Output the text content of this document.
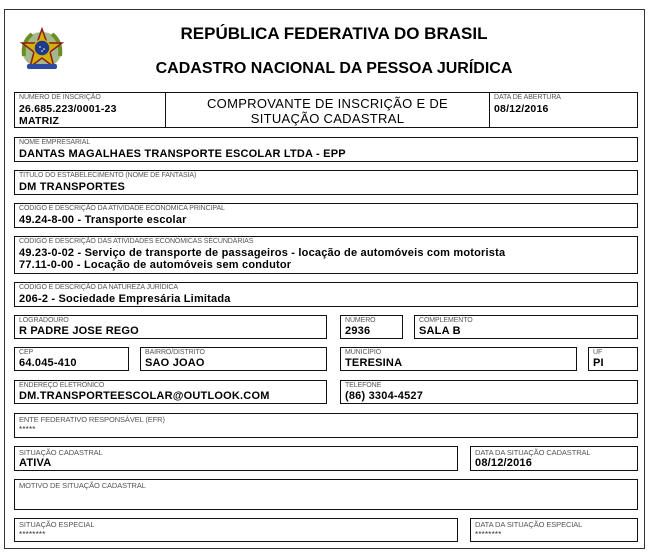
REPÚBLICA FEDERATIVA DO BRASIL
CADASTRO NACIONAL DA PESSOA JURÍDICA
NÚMERO DE INSCRIÇÃO
26.685.223/0001-23
MATRIZ
COMPROVANTE DE INSCRIÇÃO E DE
SITUAÇÃO CADASTRAL
DATA DE ABERTURA
08/12/2016
NOME EMPRESARIAL
DANTAS MAGALHAES TRANSPORTE ESCOLAR LTDA - EPP
TÍTULO DO ESTABELECIMENTO (NOME DE FANTASIA)
DM TRANSPORTES
CÓDIGO E DESCRIÇÃO DA ATIVIDADE ECONÔMICA PRINCIPAL
49.24-8-00 - Transporte escolar
CÓDIGO E DESCRIÇÃO DAS ATIVIDADES ECONÔMICAS SECUNDÁRIAS
49.23-0-02 - Serviço de transporte de passageiros - locação de automóveis com motorista
77.11-0-00 - Locação de automóveis sem condutor
CÓDIGO E DESCRIÇÃO DA NATUREZA JURÍDICA
206-2 - Sociedade Empresária Limitada
LOGRADOURO
R PADRE JOSE REGO
NÚMERO
2936
COMPLEMENTO
SALA B
CEP
64.045-410
BAIRRO/DISTRITO
SAO JOAO
MUNICÍPIO
TERESINA
UF
PI
ENDEREÇO ELETRÔNICO
DM.TRANSPORTEESCOLAR@OUTLOOK.COM
TELEFONE
(86) 3304-4527
ENTE FEDERATIVO RESPONSÁVEL (EFR)
*****
SITUAÇÃO CADASTRAL
ATIVA
DATA DA SITUAÇÃO CADASTRAL
08/12/2016
MOTIVO DE SITUAÇÃO CADASTRAL
SITUAÇÃO ESPECIAL
********
DATA DA SITUAÇÃO ESPECIAL
********
